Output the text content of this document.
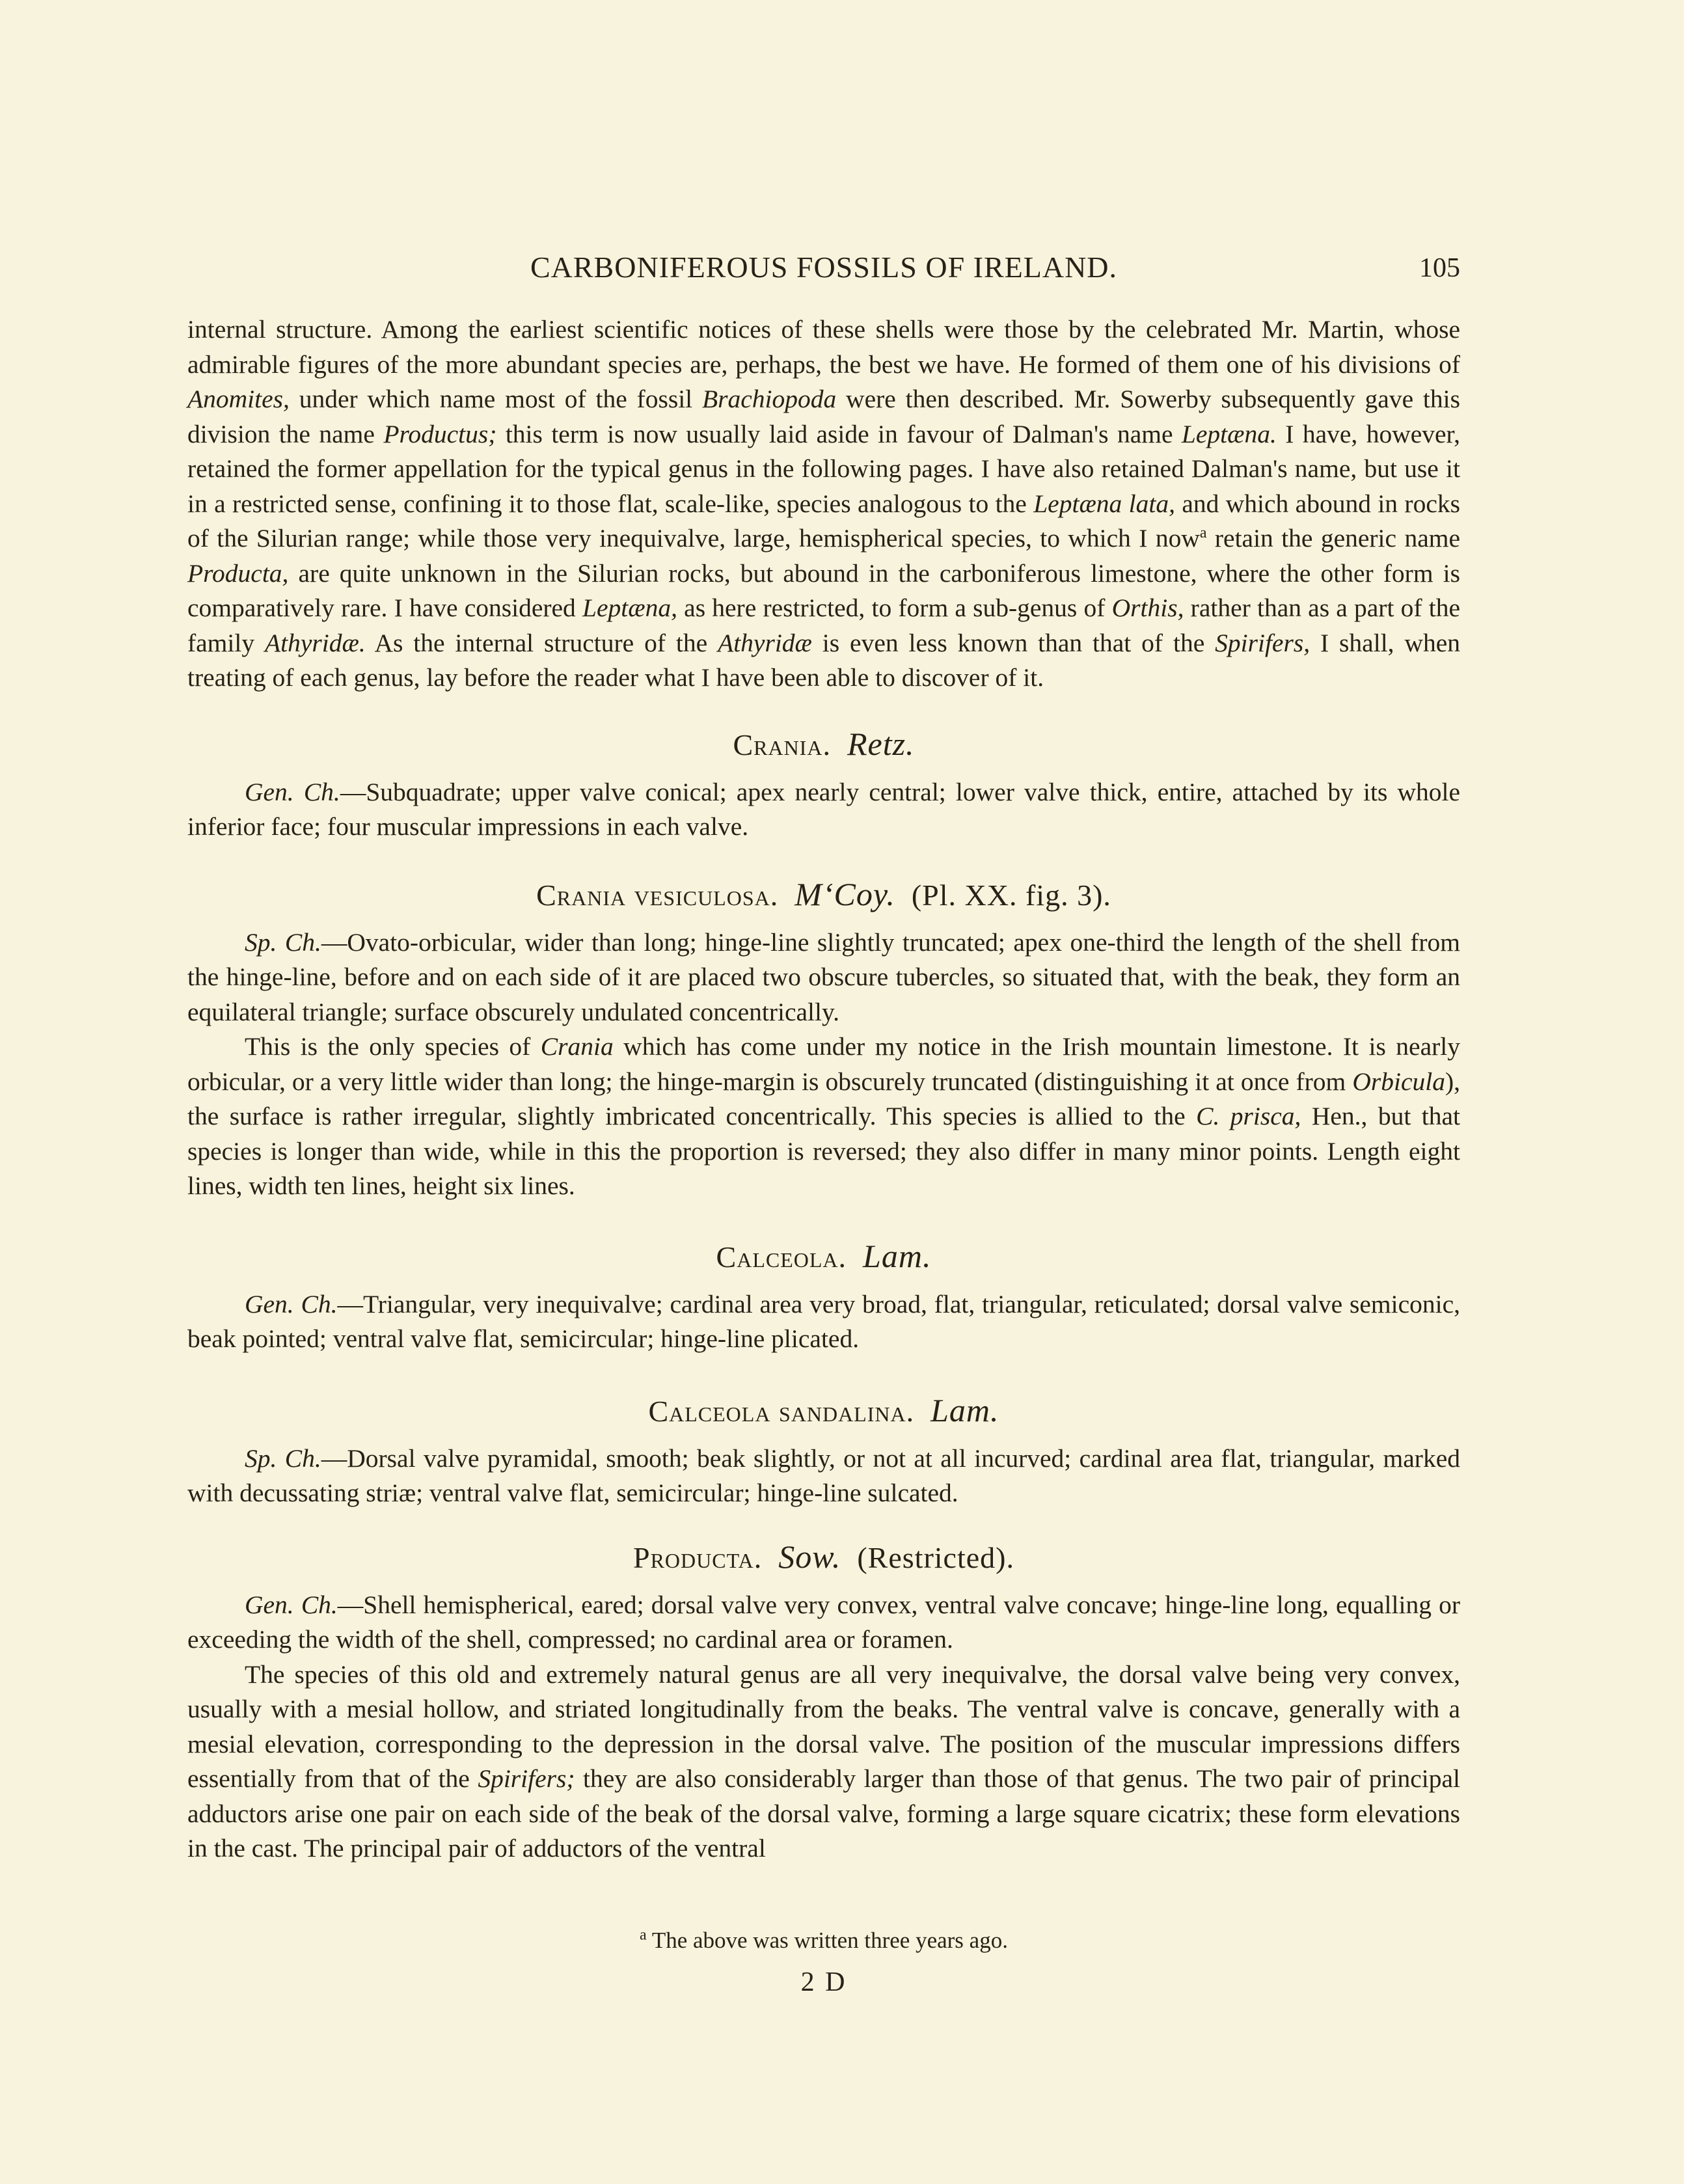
CARBONIFEROUS FOSSILS OF IRELAND.	105

internal structure. Among the earliest scientific notices of these shells were those by the celebrated Mr. Martin, whose admirable figures of the more abundant species are, perhaps, the best we have. He formed of them one of his divisions of Anomites, under which name most of the fossil Brachiopoda were then described. Mr. Sowerby subsequently gave this division the name Productus; this term is now usually laid aside in favour of Dalman's name Leptæna. I have, however, retained the former appellation for the typical genus in the following pages. I have also retained Dalman's name, but use it in a restricted sense, confining it to those flat, scale-like, species analogous to the Leptæna lata, and which abound in rocks of the Silurian range; while those very inequivalve, large, hemispherical species, to which I now$^a$ retain the generic name Producta, are quite unknown in the Silurian rocks, but abound in the carboniferous limestone, where the other form is comparatively rare. I have considered Leptæna, as here restricted, to form a sub-genus of Orthis, rather than as a part of the family Athyridæ. As the internal structure of the Athyridæ is even less known than that of the Spirifers, I shall, when treating of each genus, lay before the reader what I have been able to discover of it.

Crania. Retz.

Gen. Ch.—Subquadrate; upper valve conical; apex nearly central; lower valve thick, entire, attached by its whole inferior face; four muscular impressions in each valve.

Crania vesiculosa. M‘Coy. (Pl. XX. fig. 3).

Sp. Ch.—Ovato-orbicular, wider than long; hinge-line slightly truncated; apex one-third the length of the shell from the hinge-line, before and on each side of it are placed two obscure tubercles, so situated that, with the beak, they form an equilateral triangle; surface obscurely undulated concentrically.

This is the only species of Crania which has come under my notice in the Irish mountain limestone. It is nearly orbicular, or a very little wider than long; the hinge-margin is obscurely truncated (distinguishing it at once from Orbicula), the surface is rather irregular, slightly imbricated concentrically. This species is allied to the C. prisca, Hen., but that species is longer than wide, while in this the proportion is reversed; they also differ in many minor points. Length eight lines, width ten lines, height six lines.

Calceola. Lam.

Gen. Ch.—Triangular, very inequivalve; cardinal area very broad, flat, triangular, reticulated; dorsal valve semiconic, beak pointed; ventral valve flat, semicircular; hinge-line plicated.

Calceola sandalina. Lam.

Sp. Ch.—Dorsal valve pyramidal, smooth; beak slightly, or not at all incurved; cardinal area flat, triangular, marked with decussating striæ; ventral valve flat, semicircular; hinge-line sulcated.

Producta. Sow. (Restricted).

Gen. Ch.—Shell hemispherical, eared; dorsal valve very convex, ventral valve concave; hinge-line long, equalling or exceeding the width of the shell, compressed; no cardinal area or foramen.

The species of this old and extremely natural genus are all very inequivalve, the dorsal valve being very convex, usually with a mesial hollow, and striated longitudinally from the beaks. The ventral valve is concave, generally with a mesial elevation, corresponding to the depression in the dorsal valve. The position of the muscular impressions differs essentially from that of the Spirifers; they are also considerably larger than those of that genus. The two pair of principal adductors arise one pair on each side of the beak of the dorsal valve, forming a large square cicatrix; these form elevations in the cast. The principal pair of adductors of the ventral

$^a$ The above was written three years ago.
2 D
